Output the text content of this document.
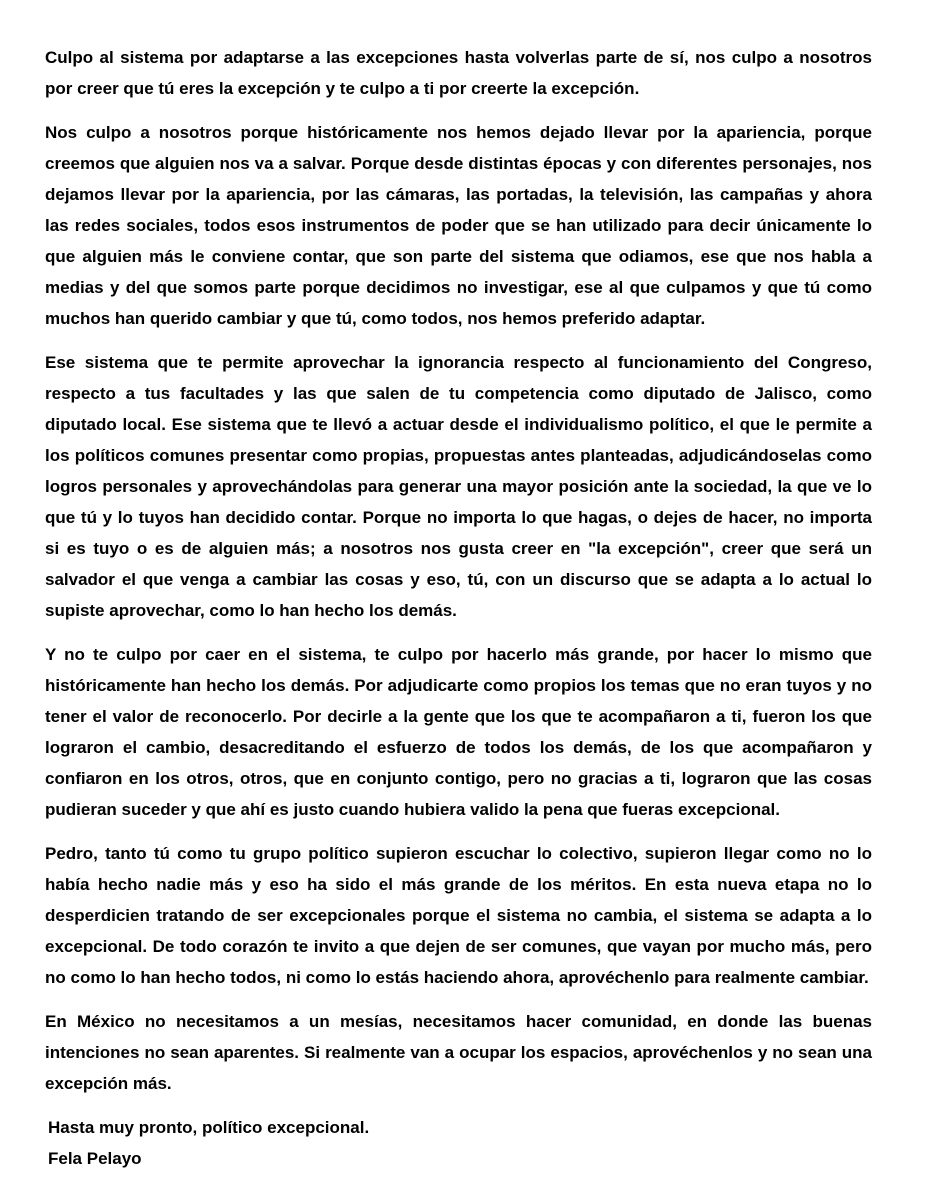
Culpo al sistema por adaptarse a las excepciones hasta volverlas parte de sí, nos culpo a nosotros por creer que tú eres la excepción y te culpo a ti por creerte la excepción.

Nos culpo a nosotros porque históricamente nos hemos dejado llevar por la apariencia, porque creemos que alguien nos va a salvar. Porque desde distintas épocas y con diferentes personajes, nos dejamos llevar por la apariencia, por las cámaras, las portadas, la televisión, las campañas y ahora las redes sociales, todos esos instrumentos de poder que se han utilizado para decir únicamente lo que alguien más le conviene contar, que son parte del sistema que odiamos, ese que nos habla a medias y del que somos parte porque decidimos no investigar, ese al que culpamos y que tú como muchos han querido cambiar y que tú, como todos, nos hemos preferido adaptar.

Ese sistema que te permite aprovechar la ignorancia respecto al funcionamiento del Congreso, respecto a tus facultades y las que salen de tu competencia como diputado de Jalisco, como diputado local. Ese sistema que te llevó a actuar desde el individualismo político, el que le permite a los políticos comunes presentar como propias, propuestas antes planteadas, adjudicándoselas como logros personales y aprovechándolas para generar una mayor posición ante la sociedad, la que ve lo que tú y lo tuyos han decidido contar. Porque no importa lo que hagas, o dejes de hacer, no importa si es tuyo o es de alguien más; a nosotros nos gusta creer en "la excepción", creer que será un salvador el que venga a cambiar las cosas y eso, tú, con un discurso que se adapta a lo actual lo supiste aprovechar, como lo han hecho los demás.

Y no te culpo por caer en el sistema, te culpo por hacerlo más grande, por hacer lo mismo que históricamente han hecho los demás. Por adjudicarte como propios los temas que no eran tuyos y no tener el valor de reconocerlo. Por decirle a la gente que los que te acompañaron a ti, fueron los que lograron el cambio, desacreditando el esfuerzo de todos los demás, de los que acompañaron y confiaron en los otros, otros, que en conjunto contigo, pero no gracias a ti, lograron que las cosas pudieran suceder y que ahí es justo cuando hubiera valido la pena que fueras excepcional.

Pedro, tanto tú como tu grupo político supieron escuchar lo colectivo, supieron llegar como no lo había hecho nadie más y eso ha sido el más grande de los méritos. En esta nueva etapa no lo desperdicien tratando de ser excepcionales porque el sistema no cambia, el sistema se adapta a lo excepcional. De todo corazón te invito a que dejen de ser comunes, que vayan por mucho más, pero no como lo han hecho todos, ni como lo estás haciendo ahora, aprovéchenlo para realmente cambiar.

En México no necesitamos a un mesías, necesitamos hacer comunidad, en donde las buenas intenciones no sean aparentes. Si realmente van a ocupar los espacios, aprovéchenlos y no sean una excepción más.

Hasta muy pronto, político excepcional.

Fela Pelayo
